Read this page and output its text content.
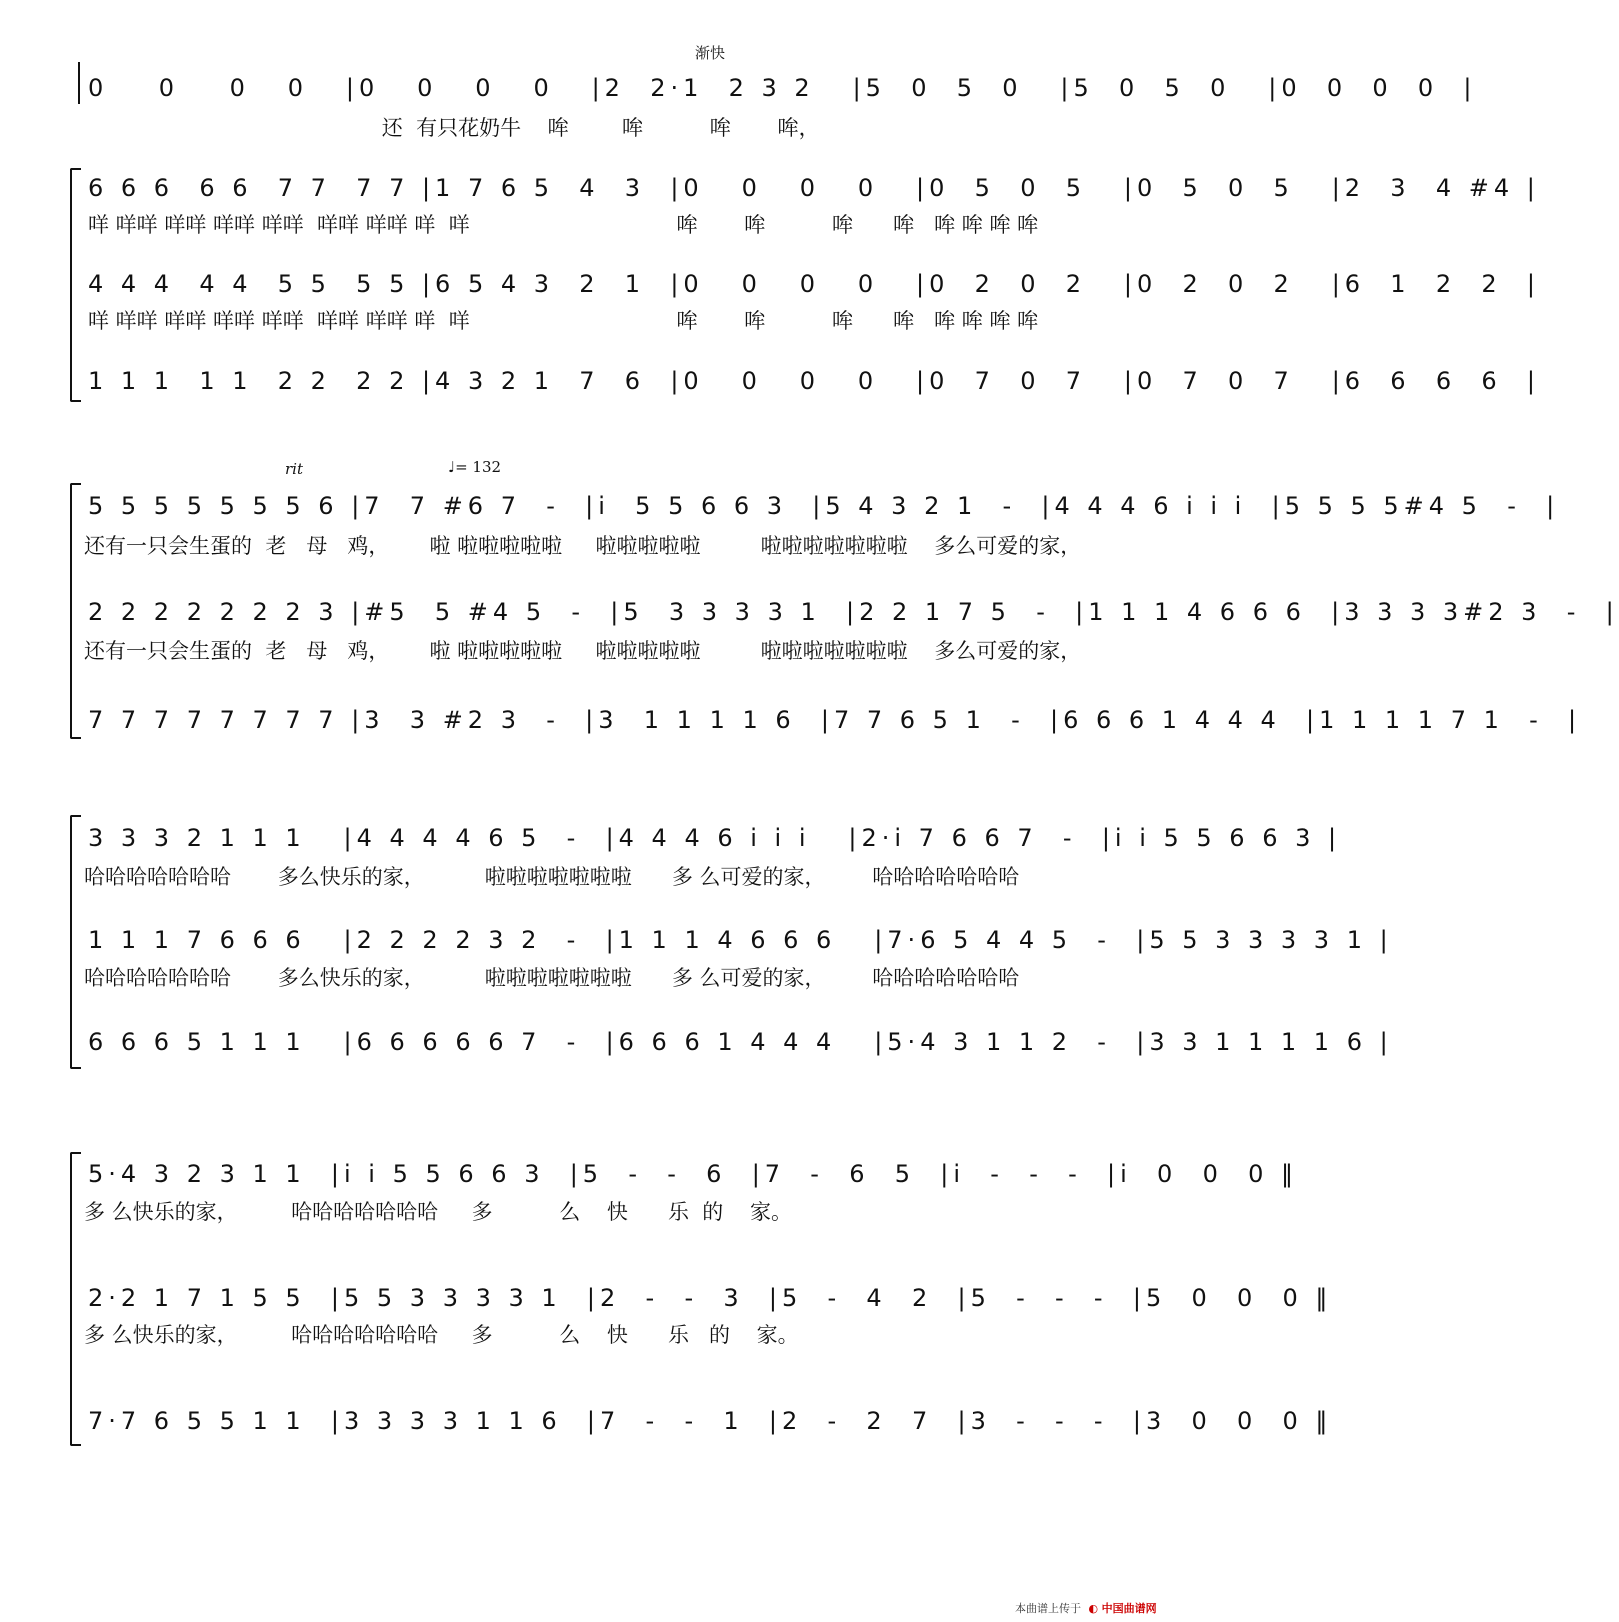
渐快
rit	♩= 132
0    0    0   0   |0   0   0   0   |2  2·1  2 3 2   |5  0  5  0   |5  0  5  0   |0  0  0  0  |
还  有只花奶牛    哞        哞          哞       哞，
6 6 6  6 6  7 7  7 7 |1 7 6 5  4  3  |0   0   0   0   |0  5  0  5   |0  5  0  5   |2  3  4 #4 |
咩 咩咩 咩咩 咩咩 咩咩  咩咩 咩咩 咩  咩                               哞       哞          哞      哞   哞 哞 哞 哞
4 4 4  4 4  5 5  5 5 |6 5 4 3  2  1  |0   0   0   0   |0  2  0  2   |0  2  0  2   |6  1  2  2  |
咩 咩咩 咩咩 咩咩 咩咩  咩咩 咩咩 咩  咩                               哞       哞          哞      哞   哞 哞 哞 哞
1 1 1  1 1  2 2  2 2 |4 3 2 1  7  6  |0   0   0   0   |0  7  0  7   |0  7  0  7   |6  6  6  6  |
5 5 5 5 5 5 5 6 |7  7 #6 7  -  |i  5 5 6 6 3  |5 4 3 2 1  -  |4 4 4 6 i i i  |5 5 5 5#4 5  -  |
还有一只会生蛋的  老   母   鸡，      啦 啦啦啦啦啦     啦啦啦啦啦         啦啦啦啦啦啦啦    多么可爱的家，
2 2 2 2 2 2 2 3 |#5  5 #4 5  -  |5  3 3 3 3 1  |2 2 1 7 5  -  |1 1 1 4 6 6 6  |3 3 3 3#2 3  -  |
还有一只会生蛋的  老   母   鸡，      啦 啦啦啦啦啦     啦啦啦啦啦         啦啦啦啦啦啦啦    多么可爱的家，
7 7 7 7 7 7 7 7 |3  3 #2 3  -  |3  1 1 1 1 6  |7 7 6 5 1  -  |6 6 6 1 4 4 4  |1 1 1 1 7 1  -  |
3 3 3 2 1 1 1   |4 4 4 4 6 5  -  |4 4 4 6 i i i   |2·i 7 6 6 7  -  |i i 5 5 6 6 3 |
哈哈哈哈哈哈哈       多么快乐的家，         啦啦啦啦啦啦啦      多 么可爱的家，       哈哈哈哈哈哈哈
1 1 1 7 6 6 6   |2 2 2 2 3 2  -  |1 1 1 4 6 6 6   |7·6 5 4 4 5  -  |5 5 3 3 3 3 1 |
哈哈哈哈哈哈哈       多么快乐的家，         啦啦啦啦啦啦啦      多 么可爱的家，       哈哈哈哈哈哈哈
6 6 6 5 1 1 1   |6 6 6 6 6 7  -  |6 6 6 1 4 4 4   |5·4 3 1 1 2  -  |3 3 1 1 1 1 6 |
5·4 3 2 3 1 1  |i i 5 5 6 6 3  |5  -  -  6  |7  -  6  5  |i  -  -  -  |i  0  0  0 ‖
多 么快乐的家，        哈哈哈哈哈哈哈     多          么    快      乐  的    家。
2·2 1 7 1 5 5  |5 5 3 3 3 3 1  |2  -  -  3  |5  -  4  2  |5  -  -  -  |5  0  0  0 ‖
多 么快乐的家，        哈哈哈哈哈哈哈     多          么    快      乐   的    家。
7·7 6 5 5 1 1  |3 3 3 3 1 1 6  |7  -  -  1  |2  -  2  7  |3  -  -  -  |3  0  0  0 ‖
本曲谱上传于 ◐ 中国曲谱网
